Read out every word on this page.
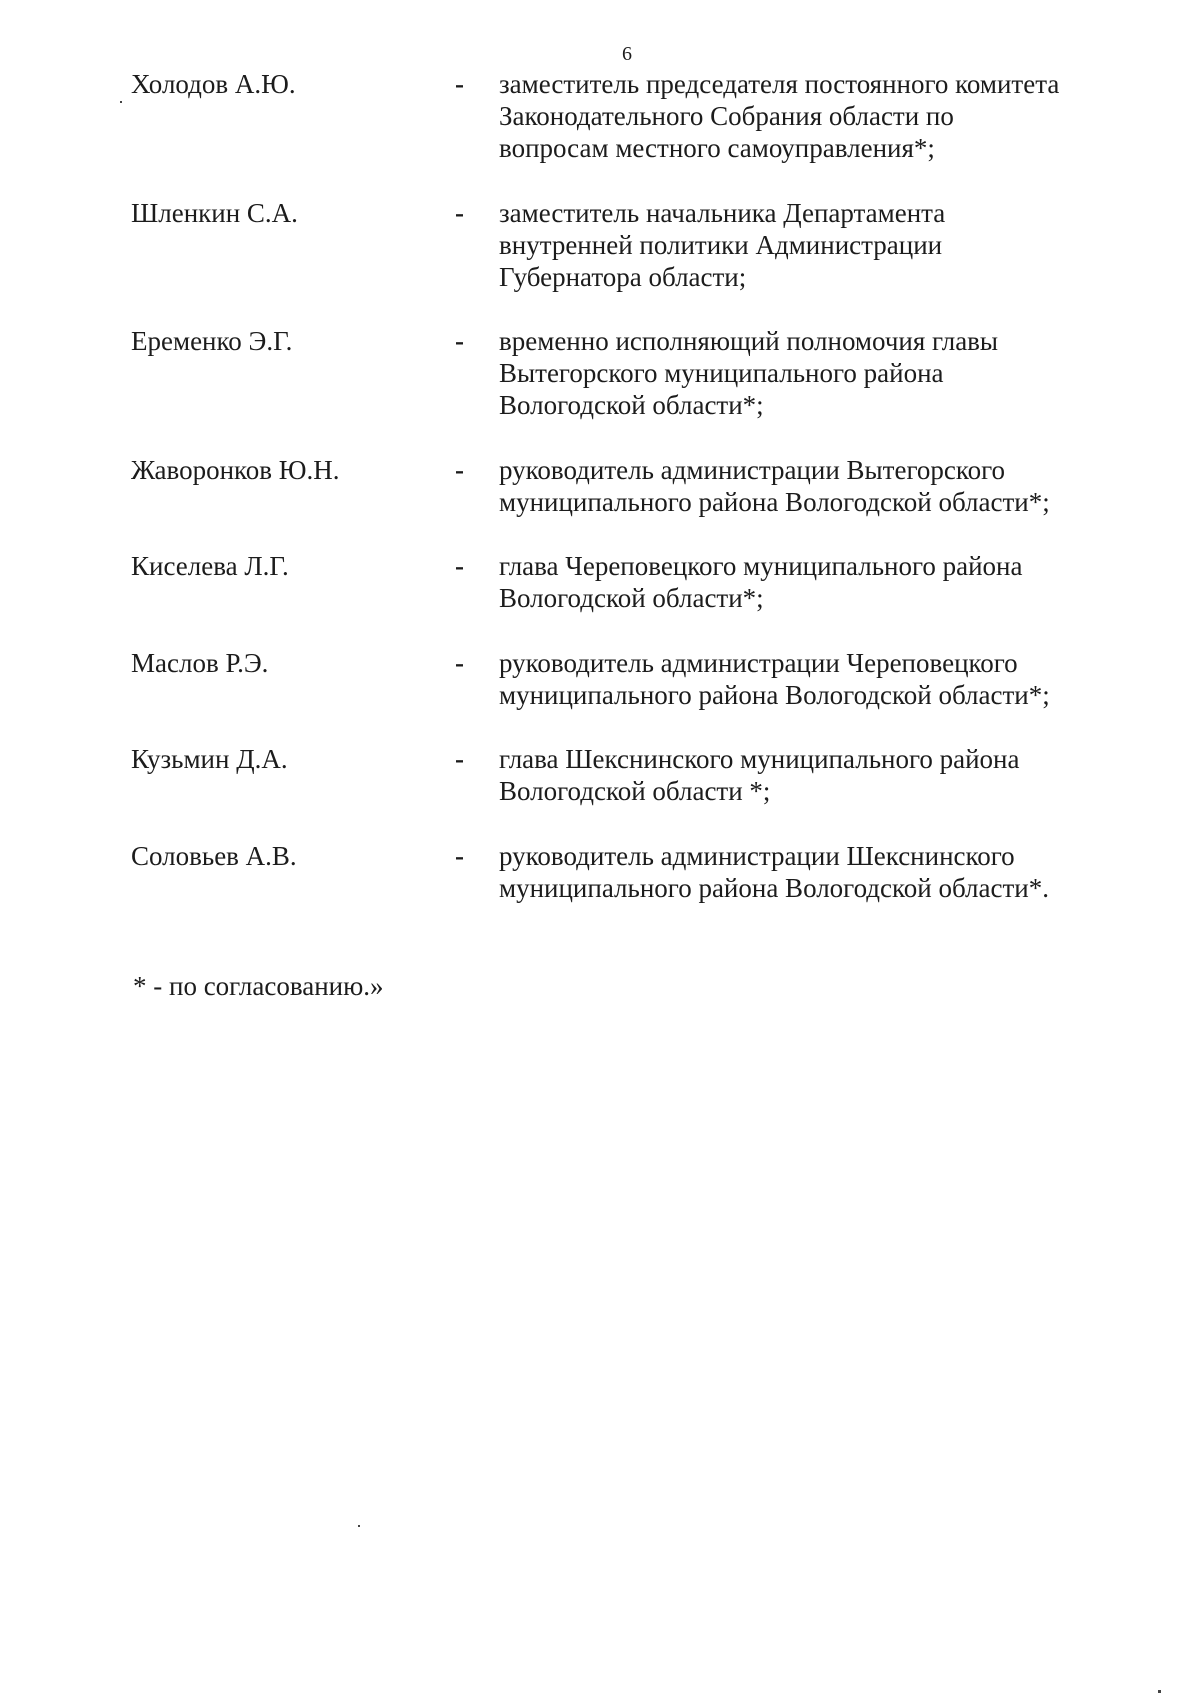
6
Холодов А.Ю.	- заместитель председателя постоянного комитета
Законодательного Собрания области по
вопросам местного самоуправления*;
Шленкин С.А.	- заместитель начальника Департамента
внутренней политики Администрации
Губернатора области;
Еременко Э.Г.	- временно исполняющий полномочия главы
Вытегорского муниципального района
Вологодской области*;
Жаворонков Ю.Н.	- руководитель администрации Вытегорского
муниципального района Вологодской области*;
Киселева Л.Г.	- глава Череповецкого муниципального района
Вологодской области*;
Маслов Р.Э.	- руководитель администрации Череповецкого
муниципального района Вологодской области*;
Кузьмин Д.А.	- глава Шекснинского муниципального района
Вологодской области *;
Соловьев А.В.	- руководитель администрации Шекснинского
муниципального района Вологодской области*.
* - по согласованию.»
